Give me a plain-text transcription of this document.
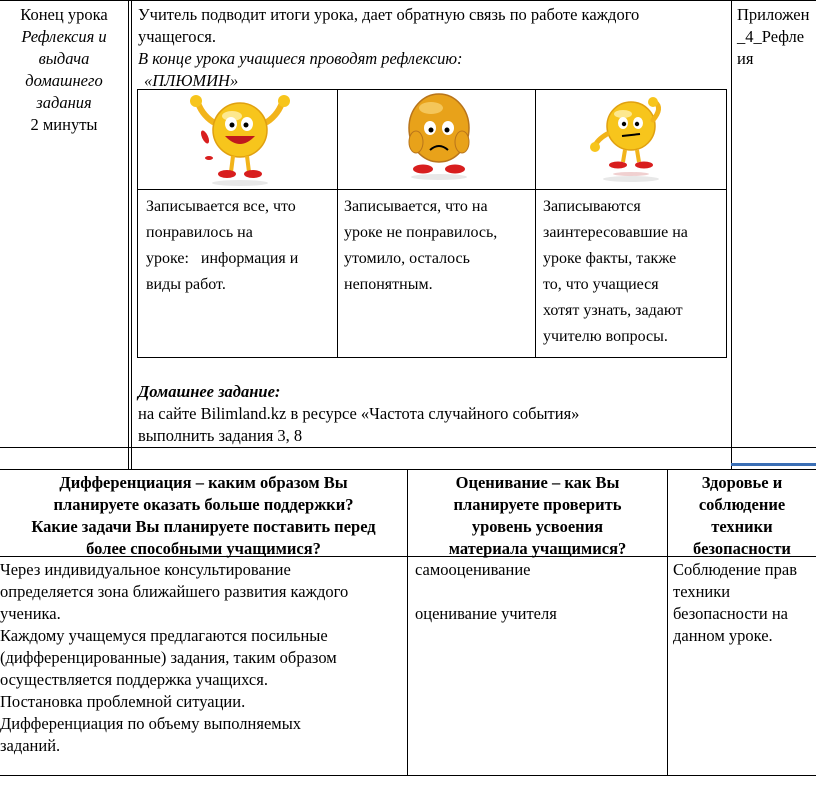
Конец урока
Рефлексия и
выдача
домашнего
задания
2 минуты
Учитель подводит итоги урока, дает обратную связь по работе каждого
учащегося.
В конце урока учащиеся проводят рефлексию:
«ПЛЮМИН»
Приложен
_4_Рефле
ия
Записывается все, что
понравилось на
уроке:   информация и
виды работ.
Записывается, что на
уроке не понравилось,
утомило, осталось
непонятным.
Записываются
заинтересовавшие на
уроке факты, также
то, что учащиеся
хотят узнать, задают
учителю вопросы.
Домашнее задание:
на сайте Bilimland.kz в ресурсе «Частота случайного события»
выполнить задания 3, 8
Дифференциация – каким образом Вы
планируете оказать больше поддержки?
Какие задачи Вы планируете поставить перед
более способными учащимися?
Оценивание – как Вы
планируете проверить
уровень усвоения
материала учащимися?
Здоровье и
соблюдение
техники
безопасности
Через индивидуальное консультирование
определяется зона ближайшего развития каждого
ученика.
Каждому учащемуся предлагаются посильные
(дифференцированные) задания, таким образом
осуществляется поддержка учащихся.
Постановка проблемной ситуации.
Дифференциация по объему выполняемых
заданий.
самооценивание
оценивание учителя
Соблюдение прав
техники
безопасности на
данном уроке.
